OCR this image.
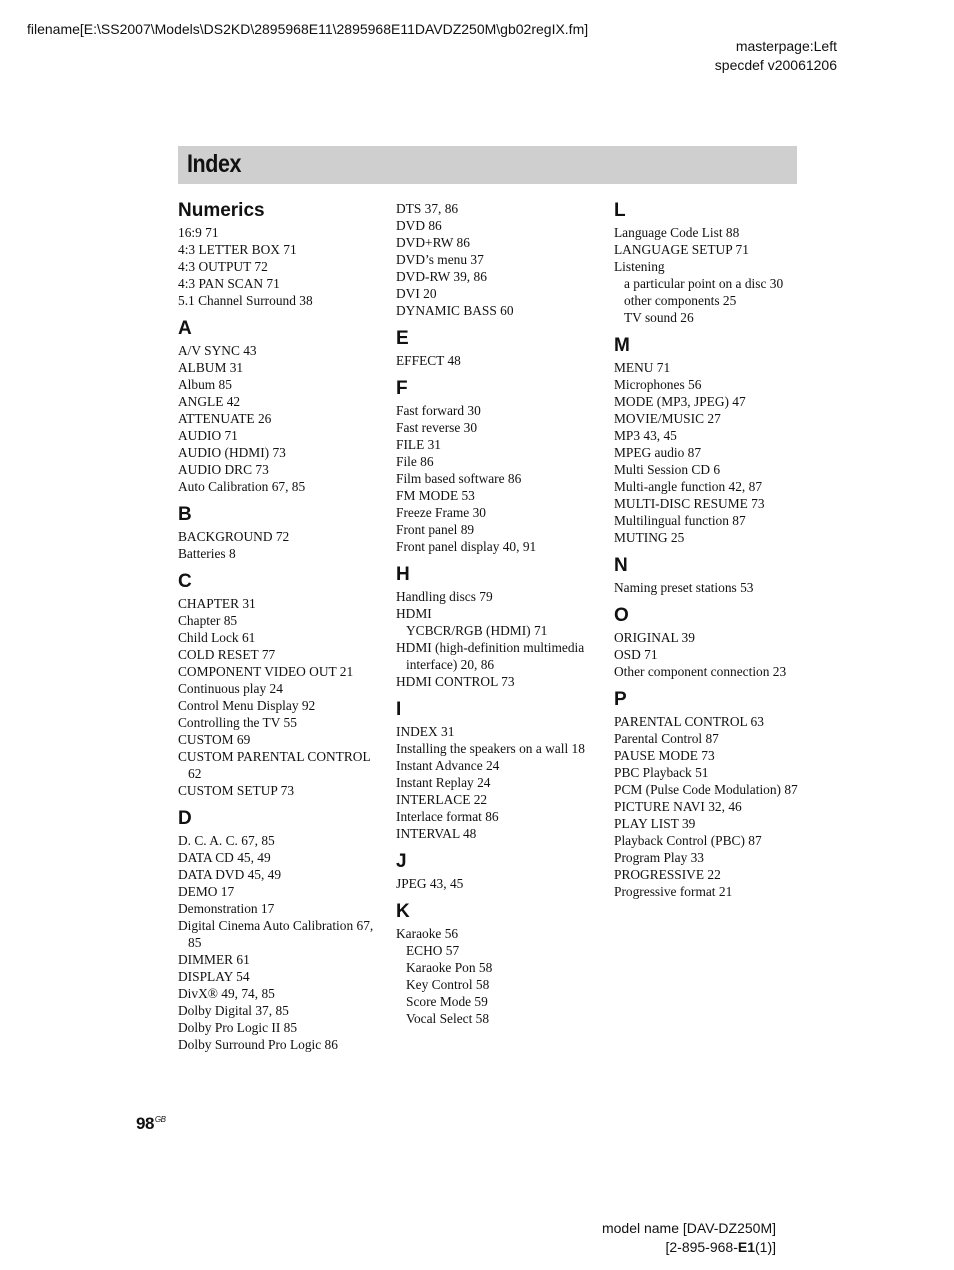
filename[E:\SS2007\Models\DS2KD\2895968E11\2895968E11DAVDZ250M\gb02regIX.fm]
masterpage:Left
specdef v20061206
Index
Numerics
16:9 71
4:3 LETTER BOX 71
4:3 OUTPUT 72
4:3 PAN SCAN 71
5.1 Channel Surround 38
A
A/V SYNC 43
ALBUM 31
Album 85
ANGLE 42
ATTENUATE 26
AUDIO 71
AUDIO (HDMI) 73
AUDIO DRC 73
Auto Calibration 67, 85
B
BACKGROUND 72
Batteries 8
C
CHAPTER 31
Chapter 85
Child Lock 61
COLD RESET 77
COMPONENT VIDEO OUT 21
Continuous play 24
Control Menu Display 92
Controlling the TV 55
CUSTOM 69
CUSTOM PARENTAL CONTROL 62
CUSTOM SETUP 73
D
D. C. A. C. 67, 85
DATA CD 45, 49
DATA DVD 45, 49
DEMO 17
Demonstration 17
Digital Cinema Auto Calibration 67, 85
DIMMER 61
DISPLAY 54
DivX® 49, 74, 85
Dolby Digital 37, 85
Dolby Pro Logic II 85
Dolby Surround Pro Logic 86
DTS 37, 86
DVD 86
DVD+RW 86
DVD’s menu 37
DVD-RW 39, 86
DVI 20
DYNAMIC BASS 60
E
EFFECT 48
F
Fast forward 30
Fast reverse 30
FILE 31
File 86
Film based software 86
FM MODE 53
Freeze Frame 30
Front panel 89
Front panel display 40, 91
H
Handling discs 79
HDMI
YCBCR/RGB (HDMI) 71
HDMI (high-definition multimedia interface) 20, 86
HDMI CONTROL 73
I
INDEX 31
Installing the speakers on a wall 18
Instant Advance 24
Instant Replay 24
INTERLACE 22
Interlace format 86
INTERVAL 48
J
JPEG 43, 45
K
Karaoke 56
ECHO 57
Karaoke Pon 58
Key Control 58
Score Mode 59
Vocal Select 58
L
Language Code List 88
LANGUAGE SETUP 71
Listening
a particular point on a disc 30
other components 25
TV sound 26
M
MENU 71
Microphones 56
MODE (MP3, JPEG) 47
MOVIE/MUSIC 27
MP3 43, 45
MPEG audio 87
Multi Session CD 6
Multi-angle function 42, 87
MULTI-DISC RESUME 73
Multilingual function 87
MUTING 25
N
Naming preset stations 53
O
ORIGINAL 39
OSD 71
Other component connection 23
P
PARENTAL CONTROL 63
Parental Control 87
PAUSE MODE 73
PBC Playback 51
PCM (Pulse Code Modulation) 87
PICTURE NAVI 32, 46
PLAY LIST 39
Playback Control (PBC) 87
Program Play 33
PROGRESSIVE 22
Progressive format 21
$98^{GB}$
model name [DAV-DZ250M]
[2-895-968-E1(1)]
